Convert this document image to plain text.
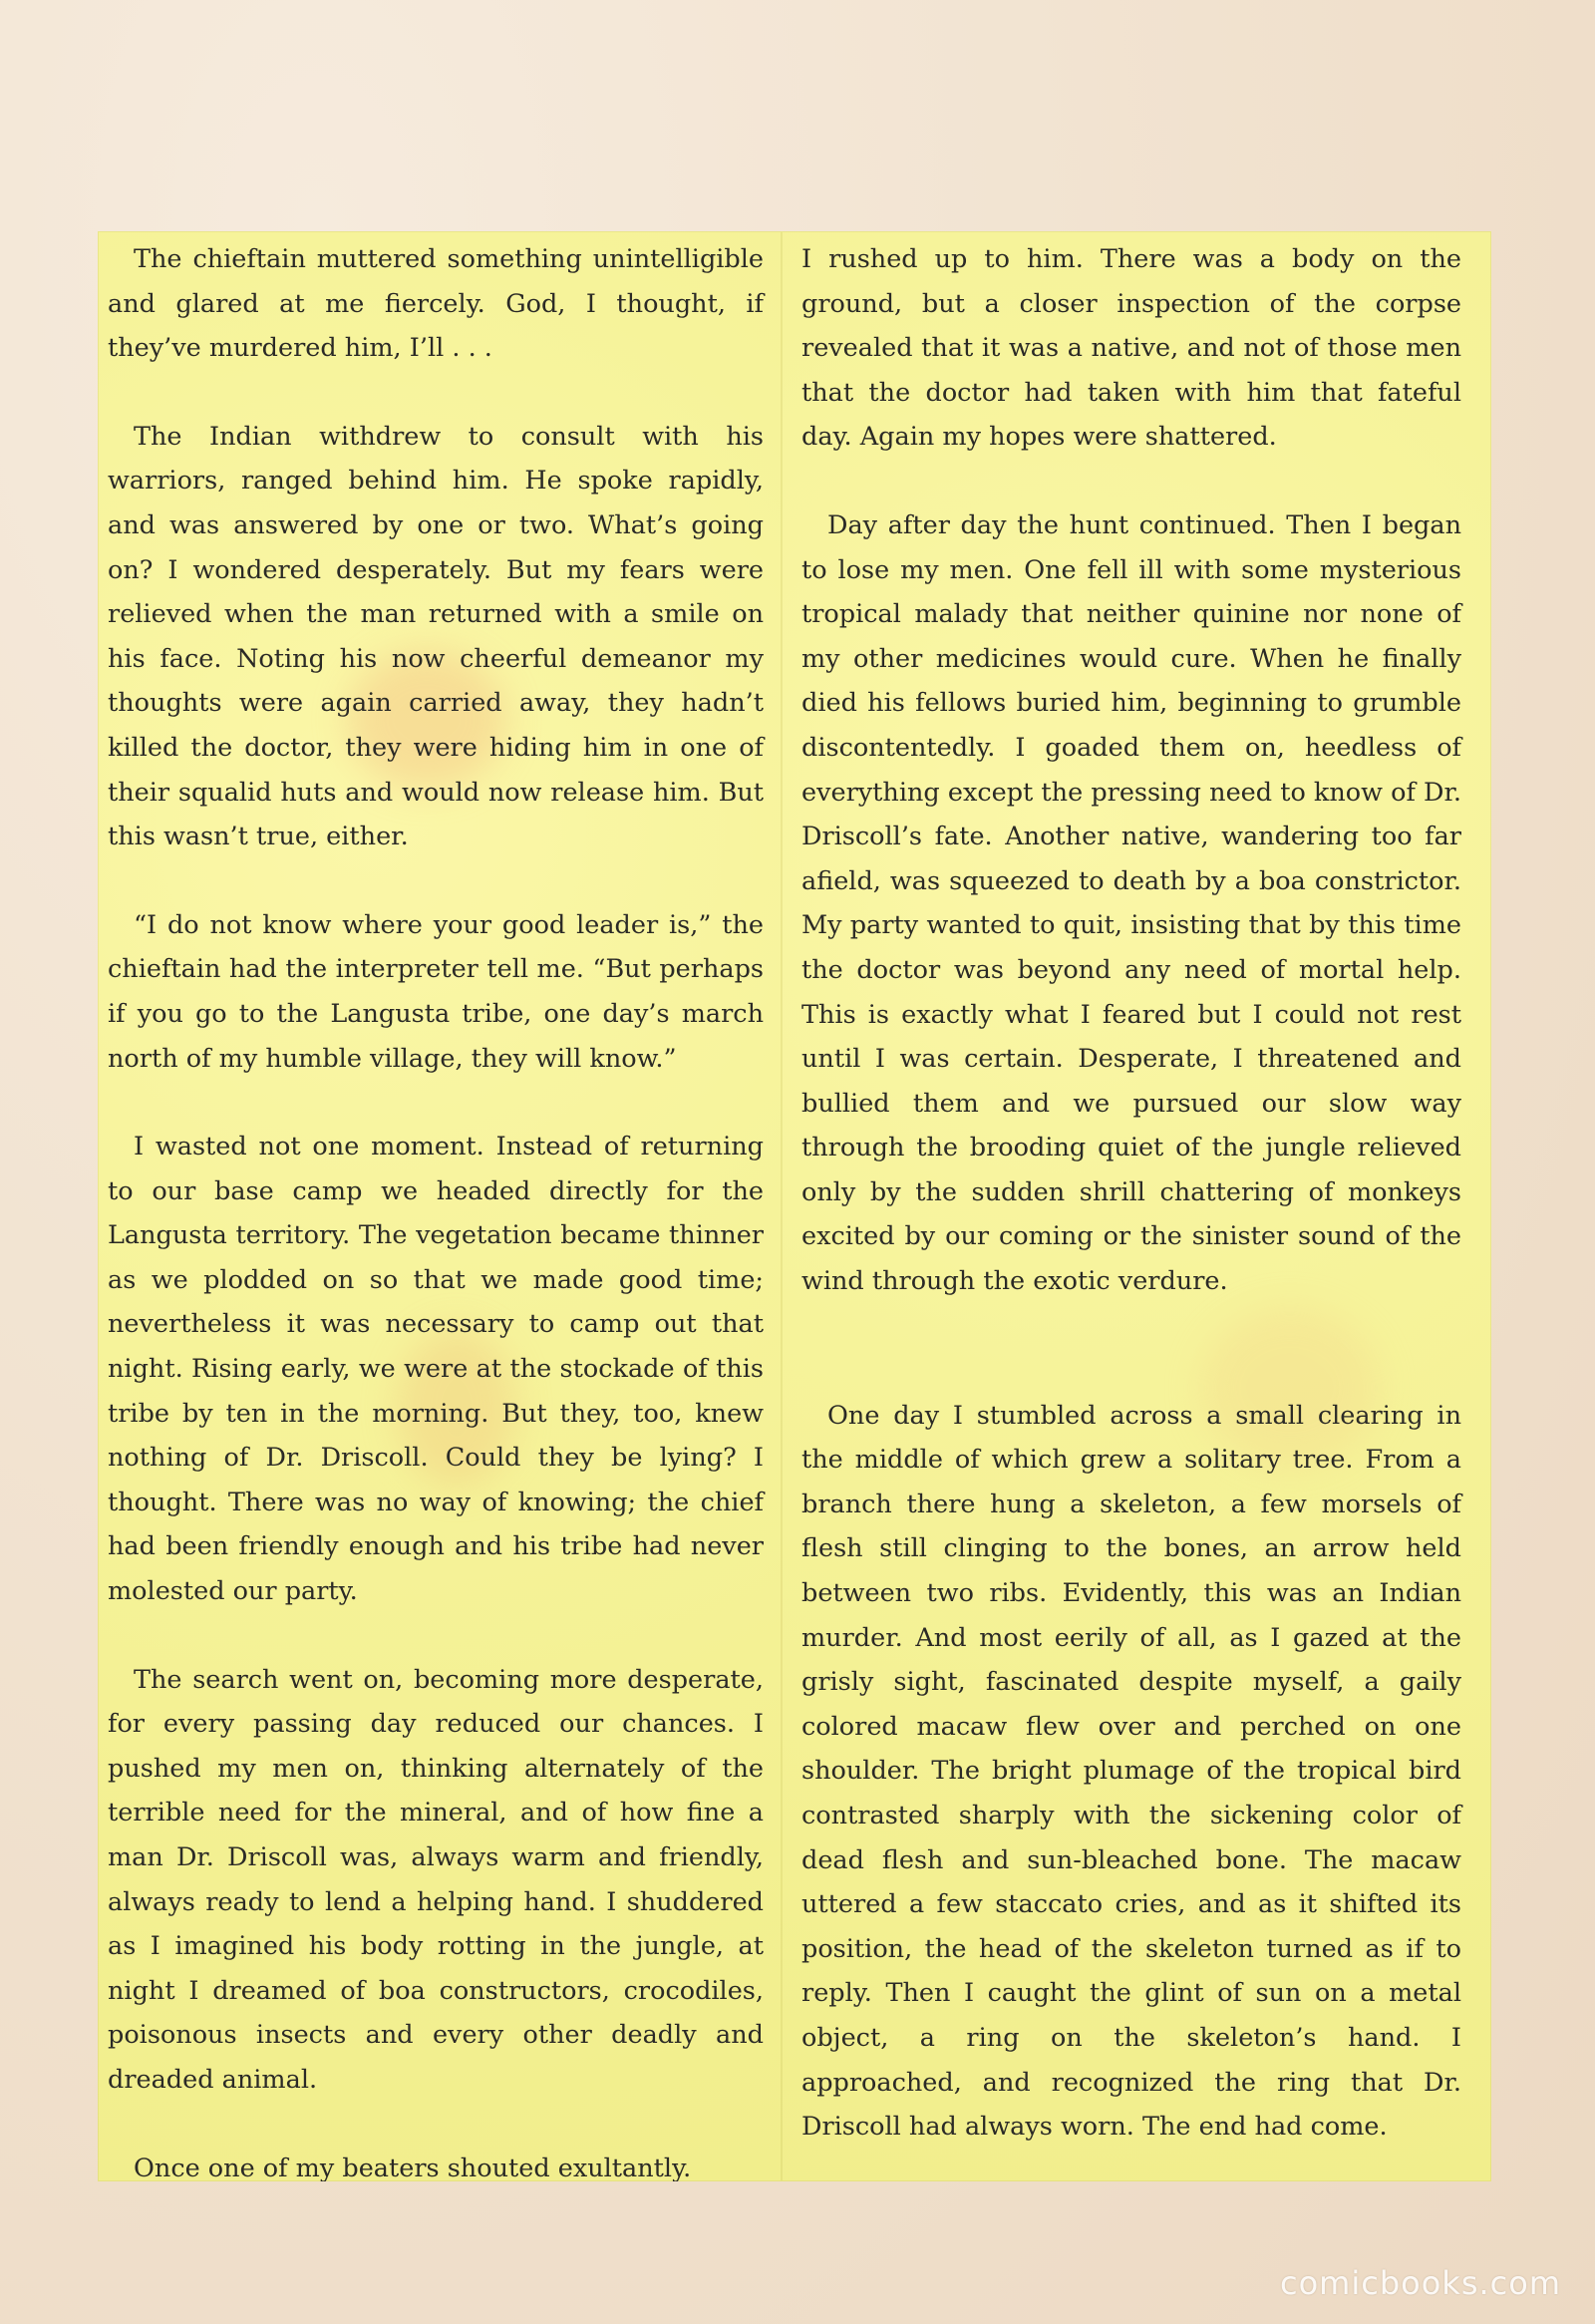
The chieftain muttered something unintelligible and glared at me fiercely. God, I thought, if they’ve murdered him, I’ll . . .

The Indian withdrew to consult with his warriors, ranged behind him. He spoke rapidly, and was answered by one or two. What’s going on? I wondered desperately. But my fears were relieved when the man returned with a smile on his face. Noting his now cheerful demeanor my thoughts were again carried away, they hadn’t killed the doctor, they were hiding him in one of their squalid huts and would now release him. But this wasn’t true, either.

“I do not know where your good leader is,” the chieftain had the interpreter tell me. “But perhaps if you go to the Langusta tribe, one day’s march north of my humble village, they will know.”

I wasted not one moment. Instead of returning to our base camp we headed directly for the Langusta territory. The vegetation became thinner as we plodded on so that we made good time; nevertheless it was necessary to camp out that night. Rising early, we were at the stockade of this tribe by ten in the morning. But they, too, knew nothing of Dr. Driscoll. Could they be lying? I thought. There was no way of knowing; the chief had been friendly enough and his tribe had never molested our party.

The search went on, becoming more desperate, for every passing day reduced our chances. I pushed my men on, thinking alternately of the terrible need for the mineral, and of how fine a man Dr. Driscoll was, always warm and friendly, always ready to lend a helping hand. I shuddered as I imagined his body rotting in the jungle, at night I dreamed of boa constructors, crocodiles, poisonous insects and every other deadly and dreaded animal.

Once one of my beaters shouted exultantly.

I rushed up to him. There was a body on the ground, but a closer inspection of the corpse revealed that it was a native, and not of those men that the doctor had taken with him that fateful day. Again my hopes were shattered.

Day after day the hunt continued. Then I began to lose my men. One fell ill with some mysterious tropical malady that neither quinine nor none of my other medicines would cure. When he finally died his fellows buried him, beginning to grumble discontentedly. I goaded them on, heedless of everything except the pressing need to know of Dr. Driscoll’s fate. Another native, wandering too far afield, was squeezed to death by a boa constrictor. My party wanted to quit, insisting that by this time the doctor was beyond any need of mortal help. This is exactly what I feared but I could not rest until I was certain. Desperate, I threatened and bullied them and we pursued our slow way through the brooding quiet of the jungle relieved only by the sudden shrill chattering of monkeys excited by our coming or the sinister sound of the wind through the exotic verdure.

One day I stumbled across a small clearing in the middle of which grew a solitary tree. From a branch there hung a skeleton, a few morsels of flesh still clinging to the bones, an arrow held between two ribs. Evidently, this was an Indian murder. And most eerily of all, as I gazed at the grisly sight, fascinated despite myself, a gaily colored macaw flew over and perched on one shoulder. The bright plumage of the tropical bird contrasted sharply with the sickening color of dead flesh and sun-bleached bone. The macaw uttered a few staccato cries, and as it shifted its position, the head of the skeleton turned as if to reply. Then I caught the glint of sun on a metal object, a ring on the skeleton’s hand. I approached, and recognized the ring that Dr. Driscoll had always worn. The end had come.

comicbooks.com
